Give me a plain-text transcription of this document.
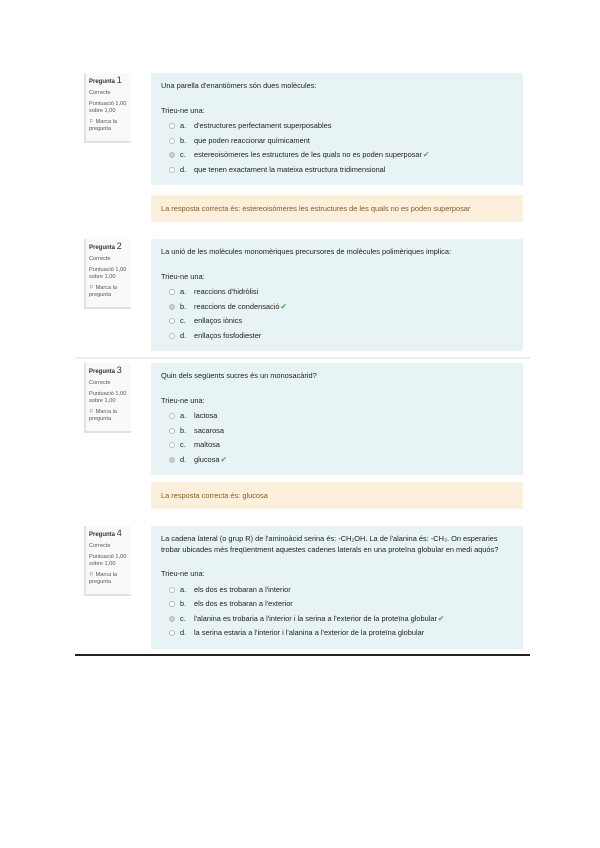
Pregunta 1
Correcte
Puntuació 1,00 sobre 1,00
⚐ Marca la pregunta
Una parella d'enantiòmers són dues molècules:
Trieu-ne una:
a.	d'estructures perfectament superposables
b.	que poden reaccionar químicament
c.	estereoisòmeres les estructures de les quals no es poden superposar ✔
d.	que tenen exactament la mateixa estructura tridimensional
La resposta correcta és: estereoisòmeres les estructures de les quals no es poden superposar
Pregunta 2
Correcte
Puntuació 1,00 sobre 1,00
⚐ Marca la pregunta
La unió de les molècules monomèriques precursores de molècules polimèriques implica:
Trieu-ne una:
a.	reaccions d'hidròlisi
b.	reaccions de condensació ✔
c.	enllaços iònics
d.	enllaços fosfodiester
Pregunta 3
Correcte
Puntuació 1,00 sobre 1,00
⚐ Marca la pregunta
Quin dels següents sucres és un monosacàrid?
Trieu-ne una:
a.	lactosa
b.	sacarosa
c.	maltosa
d.	glucosa ✔
La resposta correcta és: glucosa
Pregunta 4
Correcte
Puntuació 1,00 sobre 1,00
⚐ Marca la pregunta
La cadena lateral (o grup R) de l'aminoàcid serina és: -CH₂OH. La de l'alanina és: -CH₃. On esperaries trobar ubicades més freqüentment aquestes cadenes laterals en una proteïna globular en medi aquós?
Trieu-ne una:
a.	els dos es trobaran a l'interior
b.	els dos es trobaran a l'exterior
c.	l'alanina es trobaria a l'interior i la serina a l'exterior de la proteïna globular ✔
d.	la serina estaria a l'interior i l'alanina a l'exterior de la proteïna globular
